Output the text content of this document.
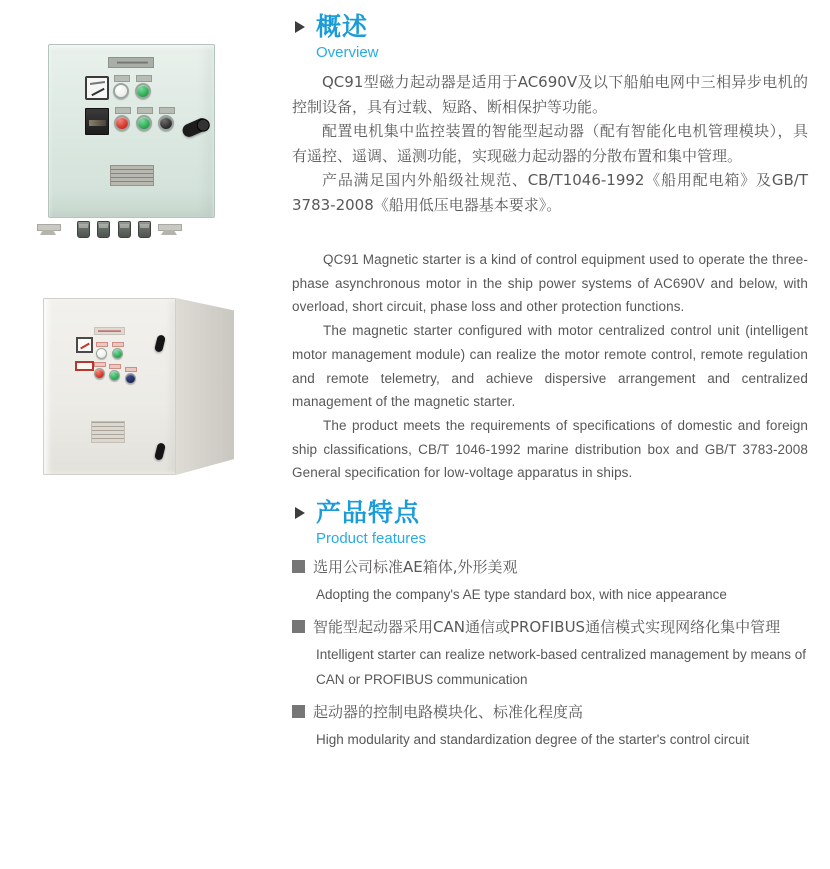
概述
Overview

QC91型磁力起动器是适用于AC690V及以下船舶电网中三相异步电机的控制设备，具有过载、短路、断相保护等功能。

配置电机集中监控装置的智能型起动器（配有智能化电机管理模块），具有遥控、遥调、遥测功能，实现磁力起动器的分散布置和集中管理。

产品满足国内外船级社规范、CB/T1046-1992《船用配电箱》及GB/T 3783-2008《船用低压电器基本要求》。

QC91 Magnetic starter is a kind of control equipment used to operate the three-phase asynchronous motor in the ship power systems of AC690V and below, with overload, short circuit, phase loss and other protection functions.

The magnetic starter configured with motor centralized control unit (intelligent motor management module) can realize the motor remote control, remote regulation and remote telemetry, and achieve dispersive arrangement and centralized management of the magnetic starter.

The product meets the requirements of specifications of domestic and foreign ship classifications, CB/T 1046-1992 marine distribution box and GB/T 3783-2008 General specification for low-voltage apparatus in ships.

产品特点
Product features
选用公司标准AE箱体,外形美观

Adopting the company's AE type standard box, with nice appearance

智能型起动器采用CAN通信或PROFIBUS通信模式实现网络化集中管理

Intelligent starter can realize network-based centralized management by means of CAN or PROFIBUS communication

起动器的控制电路模块化、标准化程度高

High modularity and standardization degree of the starter's control circuit
